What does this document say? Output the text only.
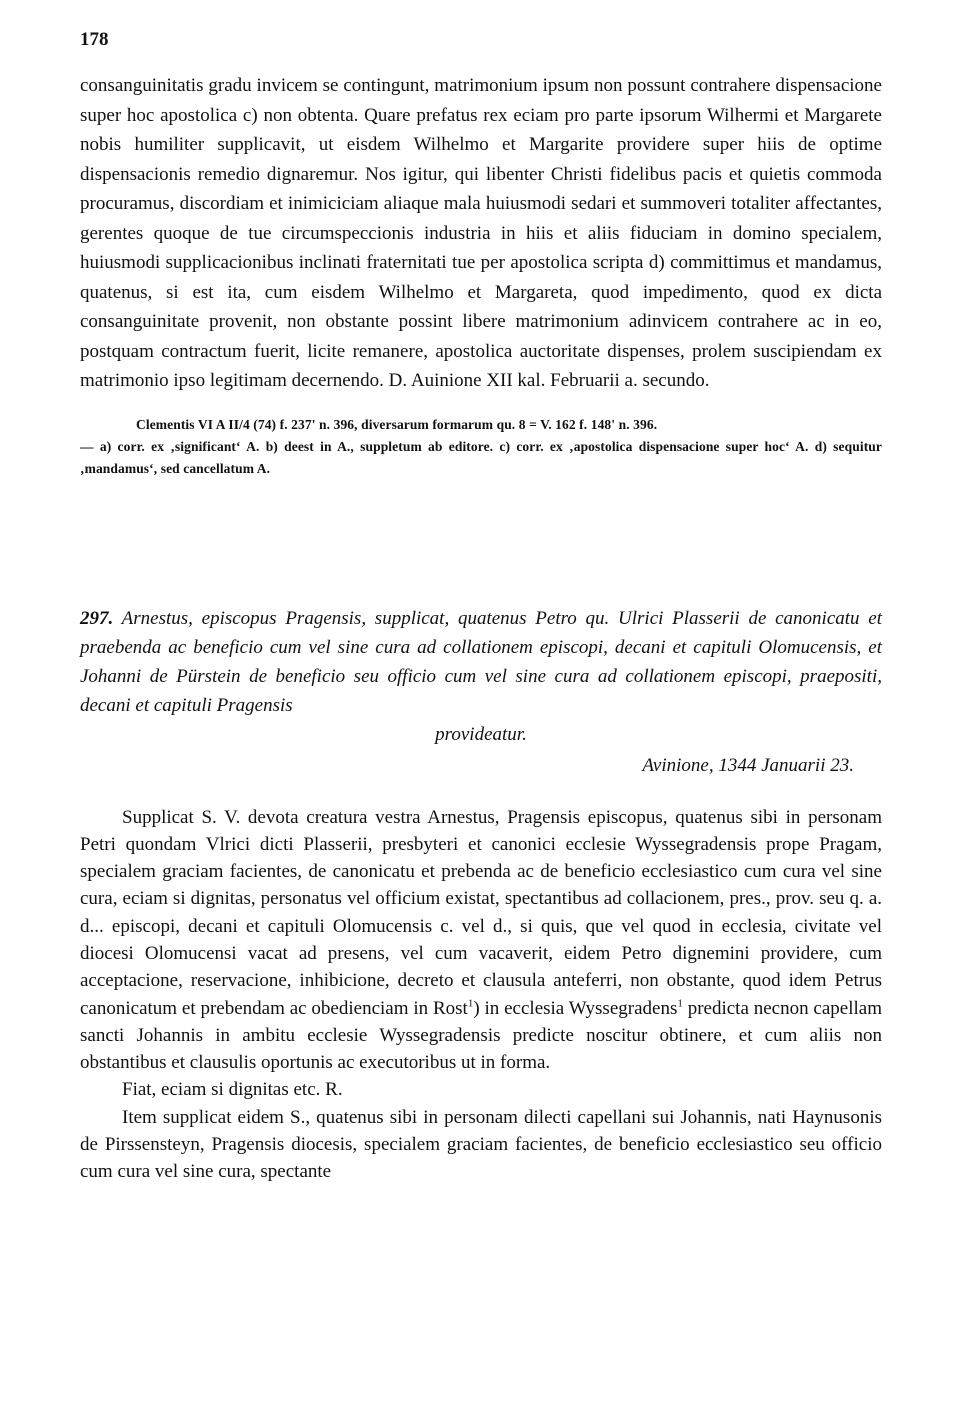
178

consanguinitatis gradu invicem se contingunt, matrimonium ipsum non possunt contrahere dispensacione super hoc apostolica c) non obtenta. Quare prefatus rex eciam pro parte ipsorum Wilhermi et Margarete nobis humiliter supplicavit, ut eisdem Wilhelmo et Margarite providere super hiis de optime dispensacionis remedio dignaremur. Nos igitur, qui libenter Christi fidelibus pacis et quietis commoda procuramus, discordiam et inimiciciam aliaque mala huiusmodi sedari et summoveri totaliter affectantes, gerentes quoque de tue circumspeccionis industria in hiis et aliis fiduciam in domino specialem, huiusmodi supplicacionibus inclinati fraternitati tue per apostolica scripta d) committimus et mandamus, quatenus, si est ita, cum eisdem Wilhelmo et Margareta, quod impedimento, quod ex dicta consanguinitate provenit, non obstante possint libere matrimonium adinvicem contrahere ac in eo, postquam contractum fuerit, licite remanere, apostolica auctoritate dispenses, prolem suscipiendam ex matrimonio ipso legitimam decernendo. D. Auinione XII kal. Februarii a. secundo.

Clementis VI A II/4 (74) f. 237' n. 396, diversarum formarum qu. 8 = V. 162 f. 148' n. 396.
— a) corr. ex ‚significant‘ A. b) deest in A., suppletum ab editore. c) corr. ex ‚apostolica dispensacione super hoc‘ A. d) sequitur ‚mandamus‘, sed cancellatum A.
297. Arnestus, episcopus Pragensis, supplicat, quatenus Petro qu. Ulrici Plasserii de canonicatu et praebenda ac beneficio cum vel sine cura ad collationem episcopi, decani et capituli Olomucensis, et Johanni de Pürstein de beneficio seu officio cum vel sine cura ad collationem episcopi, praepositi, decani et capituli Pragensis
provideatur.
Avinione, 1344 Januarii 23.

Supplicat S. V. devota creatura vestra Arnestus, Pragensis episcopus, quatenus sibi in personam Petri quondam Vlrici dicti Plasserii, presbyteri et canonici ecclesie Wyssegradensis prope Pragam, specialem graciam facientes, de canonicatu et prebenda ac de beneficio ecclesiastico cum cura vel sine cura, eciam si dignitas, personatus vel officium existat, spectantibus ad collacionem, pres., prov. seu q. a. d... episcopi, decani et capituli Olomucensis c. vel d., si quis, que vel quod in ecclesia, civitate vel diocesi Olomucensi vacat ad presens, vel cum vacaverit, eidem Petro dignemini providere, cum acceptacione, reservacione, inhibicione, decreto et clausula anteferri, non obstante, quod idem Petrus canonicatum et prebendam ac obedienciam in Rost$^1$) in ecclesia Wyssegradens$^1$ predicta necnon capellam sancti Johannis in ambitu ecclesie Wyssegradensis predicte noscitur obtinere, et cum aliis non obstantibus et clausulis oportunis ac executoribus ut in forma.

Fiat, eciam si dignitas etc. R.

Item supplicat eidem S., quatenus sibi in personam dilecti capellani sui Johannis, nati Haynusonis de Pirssensteyn, Pragensis diocesis, specialem graciam facientes, de beneficio ecclesiastico seu officio cum cura vel sine cura, spectante
